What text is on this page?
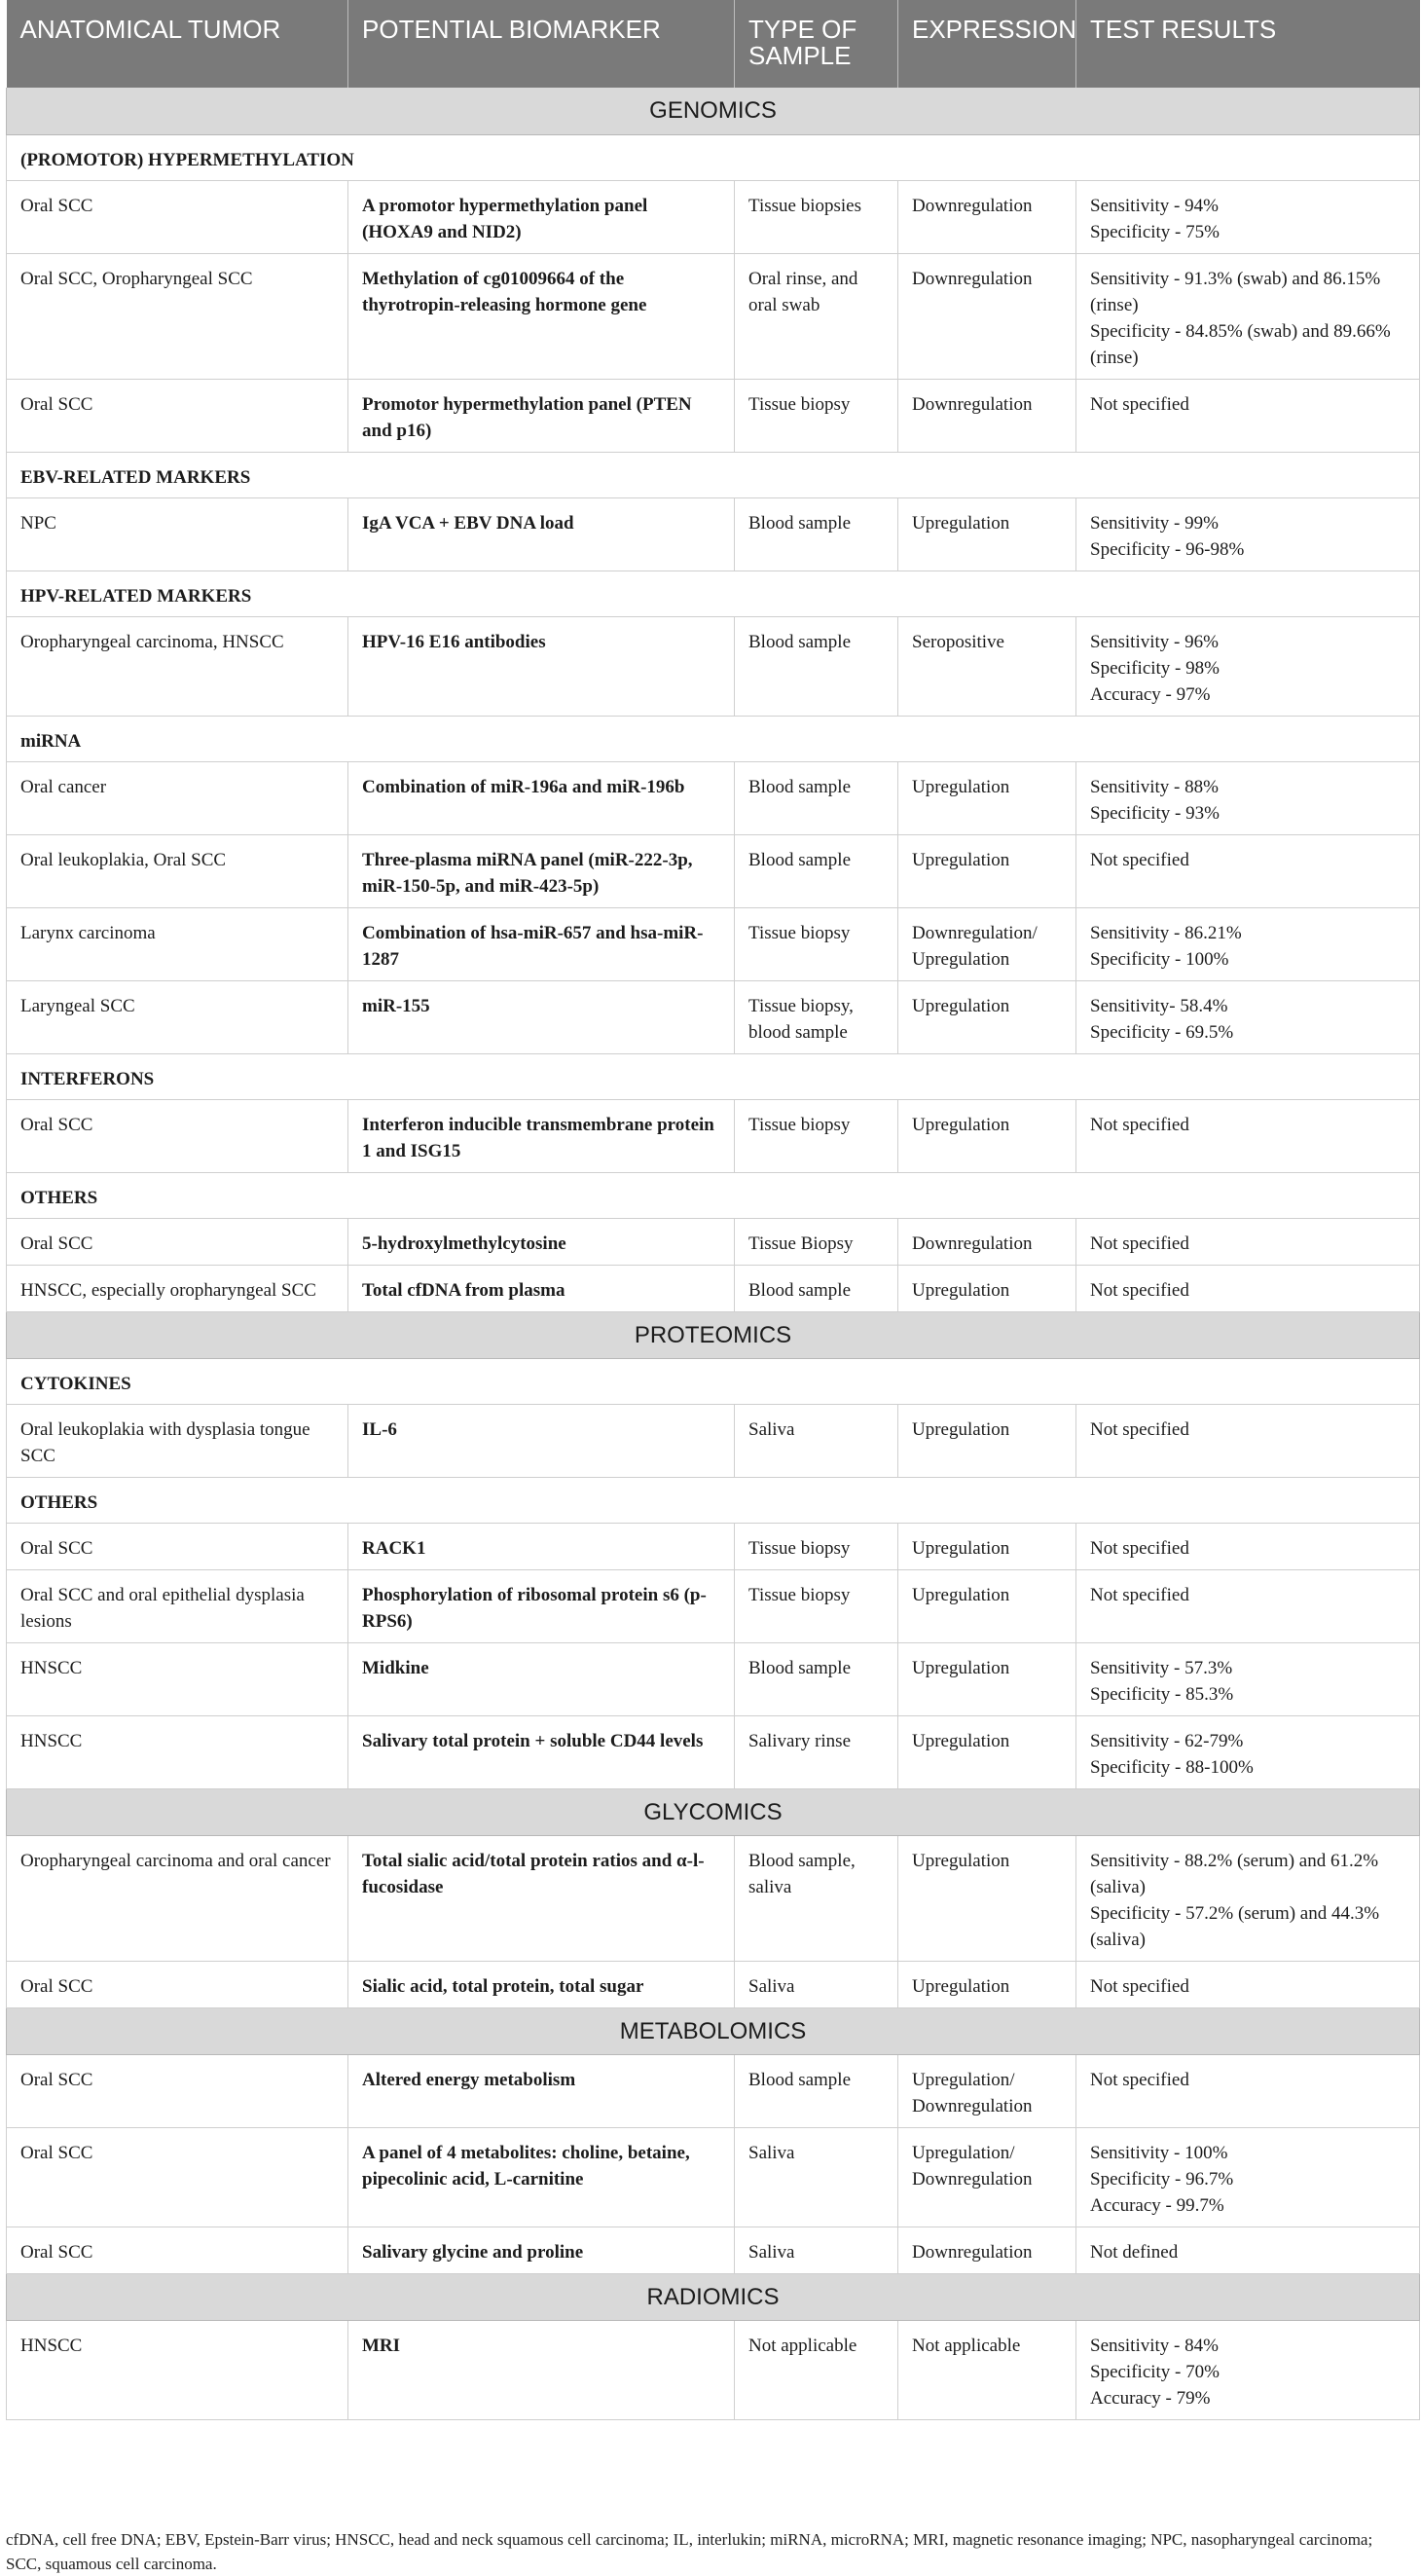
ANATOMICAL TUMOR	POTENTIAL BIOMARKER	TYPE OF SAMPLE	EXPRESSION	TEST RESULTS
GENOMICS				
(PROMOTOR) HYPERMETHYLATION				
Oral SCC	A promotor hypermethylation panel (HOXA9 and NID2)	Tissue biopsies	Downregulation	Sensitivity - 94%
Specificity - 75%

Oral SCC, Oropharyngeal SCC	Methylation of cg01009664 of the thyrotropin-releasing hormone gene	Oral rinse, and oral swab	Downregulation	Sensitivity - 91.3% (swab) and 86.15% (rinse)
Specificity - 84.85% (swab) and 89.66% (rinse)

Oral SCC	Promotor hypermethylation panel (PTEN and p16)	Tissue biopsy	Downregulation	Not specified

EBV-RELATED MARKERS				
NPC	IgA VCA + EBV DNA load	Blood sample	Upregulation	Sensitivity - 99%
Specificity - 96-98%

HPV-RELATED MARKERS				
Oropharyngeal carcinoma, HNSCC	HPV-16 E16 antibodies	Blood sample	Seropositive	Sensitivity - 96%
Specificity - 98%
Accuracy - 97%

miRNA				
Oral cancer	Combination of miR-196a and miR-196b	Blood sample	Upregulation	Sensitivity - 88%
Specificity - 93%

Oral leukoplakia, Oral SCC	Three-plasma miRNA panel (miR-222-3p, miR-150-5p, and miR-423-5p)	Blood sample	Upregulation	Not specified

Larynx carcinoma	Combination of hsa-miR-657 and hsa-miR-1287	Tissue biopsy	Downregulation/ Upregulation	Sensitivity - 86.21%
Specificity - 100%

Laryngeal SCC	miR-155	Tissue biopsy, blood sample	Upregulation	Sensitivity- 58.4%
Specificity - 69.5%

INTERFERONS				
Oral SCC	Interferon inducible transmembrane protein 1 and ISG15	Tissue biopsy	Upregulation	Not specified

OTHERS				
Oral SCC	5-hydroxylmethylcytosine	Tissue Biopsy	Downregulation	Not specified

HNSCC, especially oropharyngeal SCC	Total cfDNA from plasma	Blood sample	Upregulation	Not specified

PROTEOMICS				
CYTOKINES				
Oral leukoplakia with dysplasia tongue SCC	IL-6	Saliva	Upregulation	Not specified

OTHERS				
Oral SCC	RACK1	Tissue biopsy	Upregulation	Not specified

Oral SCC and oral epithelial dysplasia lesions	Phosphorylation of ribosomal protein s6 (p-RPS6)	Tissue biopsy	Upregulation	Not specified

HNSCC	Midkine	Blood sample	Upregulation	Sensitivity - 57.3%
Specificity - 85.3%

HNSCC	Salivary total protein + soluble CD44 levels	Salivary rinse	Upregulation	Sensitivity - 62-79%
Specificity - 88-100%

GLYCOMICS				
Oropharyngeal carcinoma and oral cancer	Total sialic acid/total protein ratios and α-l-fucosidase	Blood sample, saliva	Upregulation	Sensitivity - 88.2% (serum) and 61.2% (saliva)
Specificity - 57.2% (serum) and 44.3% (saliva)

Oral SCC	Sialic acid, total protein, total sugar	Saliva	Upregulation	Not specified

METABOLOMICS				
Oral SCC	Altered energy metabolism	Blood sample	Upregulation/ Downregulation	Not specified

Oral SCC	A panel of 4 metabolites: choline, betaine, pipecolinic acid, L-carnitine	Saliva	Upregulation/ Downregulation	Sensitivity - 100%
Specificity - 96.7%
Accuracy - 99.7%

Oral SCC	Salivary glycine and proline	Saliva	Downregulation	Not defined

RADIOMICS				
HNSCC	MRI	Not applicable	Not applicable	Sensitivity - 84%
Specificity - 70%
Accuracy - 79%
cfDNA, cell free DNA; EBV, Epstein-Barr virus; HNSCC, head and neck squamous cell carcinoma; IL, interlukin; miRNA, microRNA; MRI, magnetic resonance imaging; NPC, nasopharyngeal carcinoma; SCC, squamous cell carcinoma.
